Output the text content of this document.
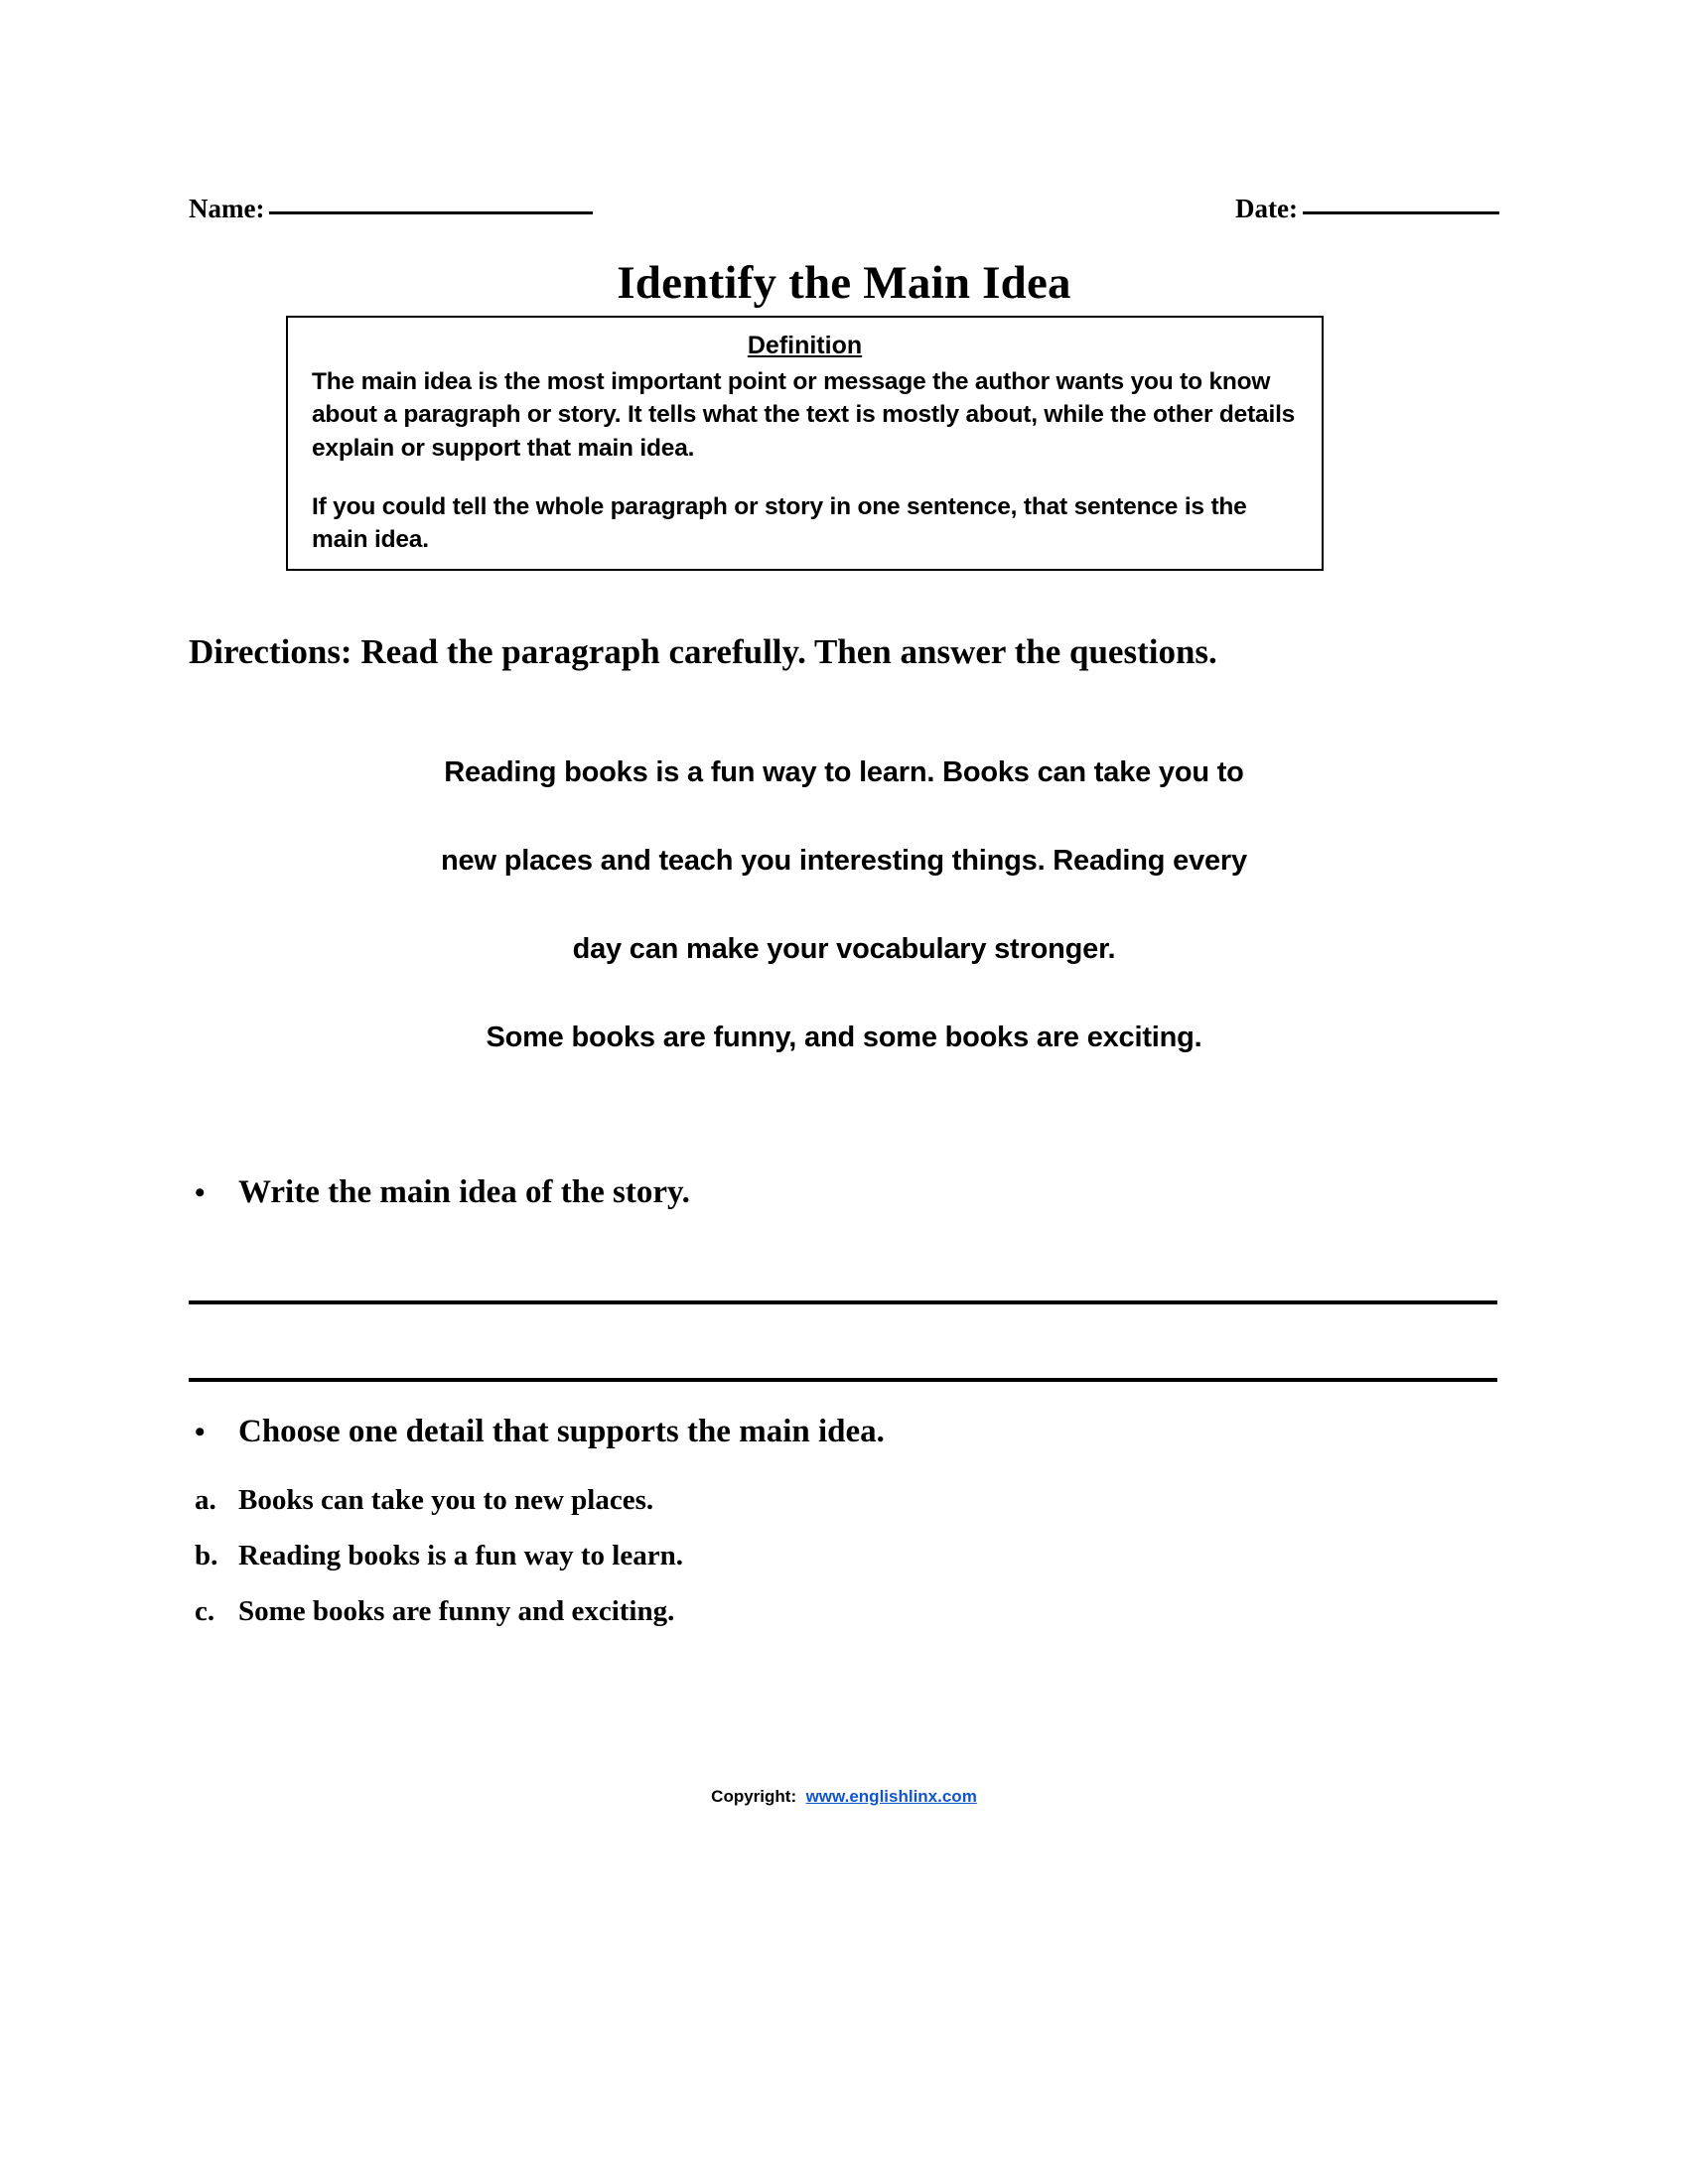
Name:	Date:
Identify the Main Idea
Definition

The main idea is the most important point or message the author wants you to know about a paragraph or story. It tells what the text is mostly about, while the other details explain or support that main idea.

If you could tell the whole paragraph or story in one sentence, that sentence is the main idea.

Directions: Read the paragraph carefully. Then answer the questions.
Reading books is a fun way to learn. Books can take you to
new places and teach you interesting things. Reading every
day can make your vocabulary stronger.
Some books are funny, and some books are exciting.
•	Write the main idea of the story.
•	Choose one detail that supports the main idea.
a. Books can take you to new places.
b. Reading books is a fun way to learn.
c. Some books are funny and exciting.
Copyright: www.englishlinx.com
